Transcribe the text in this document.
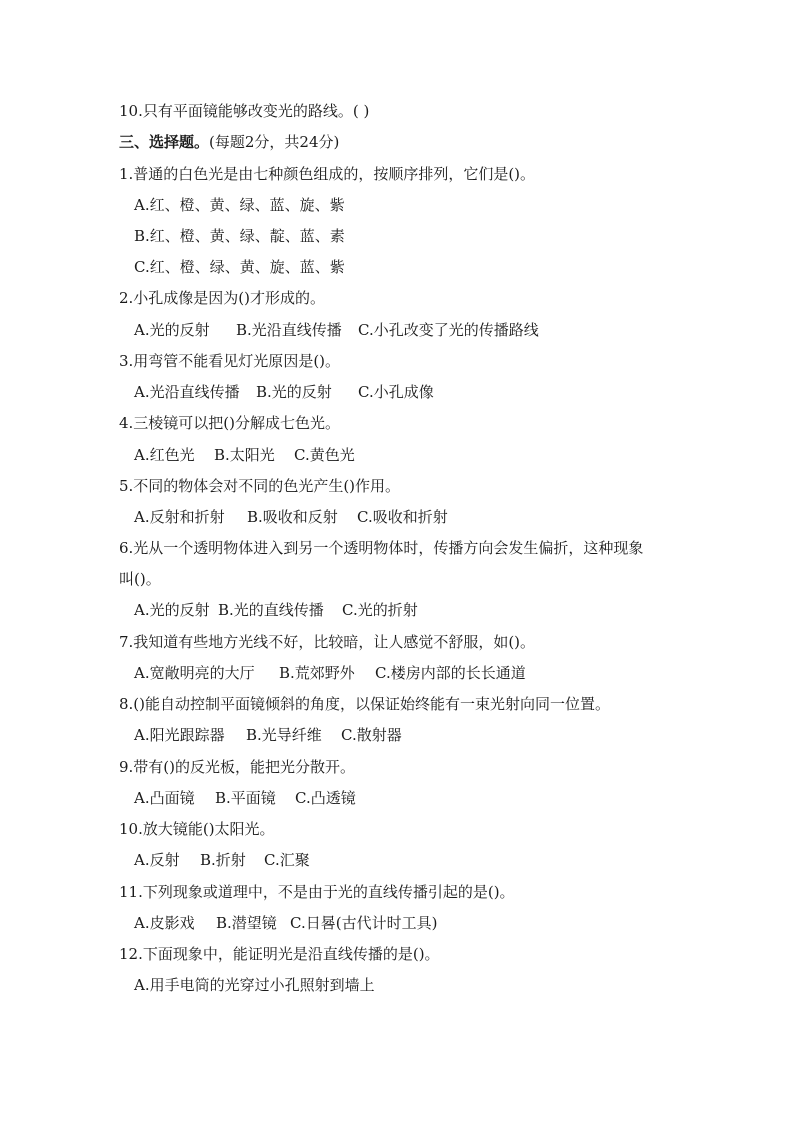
10.只有平面镜能够改变光的路线。( )
三、选择题。(每题2分，共24分)
1.普通的白色光是由七种颜色组成的，按顺序排列，它们是()。
A.红、橙、黄、绿、蓝、旋、紫
B.红、橙、黄、绿、靛、蓝、素
C.红、橙、绿、黄、旋、蓝、紫
2.小孔成像是因为()才形成的。
A.光的反射 B.光沿直线传播 C.小孔改变了光的传播路线
3.用弯管不能看见灯光原因是()。
A.光沿直线传播 B.光的反射 C.小孔成像
4.三棱镜可以把()分解成七色光。
A.红色光 B.太阳光 C.黄色光
5.不同的物体会对不同的色光产生()作用。
A.反射和折射 B.吸收和反射 C.吸收和折射
6.光从一个透明物体进入到另一个透明物体时，传播方向会发生偏折，这种现象
叫()。
A.光的反射 B.光的直线传播 C.光的折射
7.我知道有些地方光线不好，比较暗，让人感觉不舒服，如()。
A.宽敞明亮的大厅 B.荒郊野外 C.楼房内部的长长通道
8.()能自动控制平面镜倾斜的角度，以保证始终能有一束光射向同一位置。
A.阳光跟踪器 B.光导纤维 C.散射器
9.带有()的反光板，能把光分散开。
A.凸面镜 B.平面镜 C.凸透镜
10.放大镜能()太阳光。
A.反射 B.折射 C.汇聚
11.下列现象或道理中，不是由于光的直线传播引起的是()。
A.皮影戏 B.潜望镜 C.日晷(古代计时工具)
12.下面现象中，能证明光是沿直线传播的是()。
A.用手电筒的光穿过小孔照射到墙上
